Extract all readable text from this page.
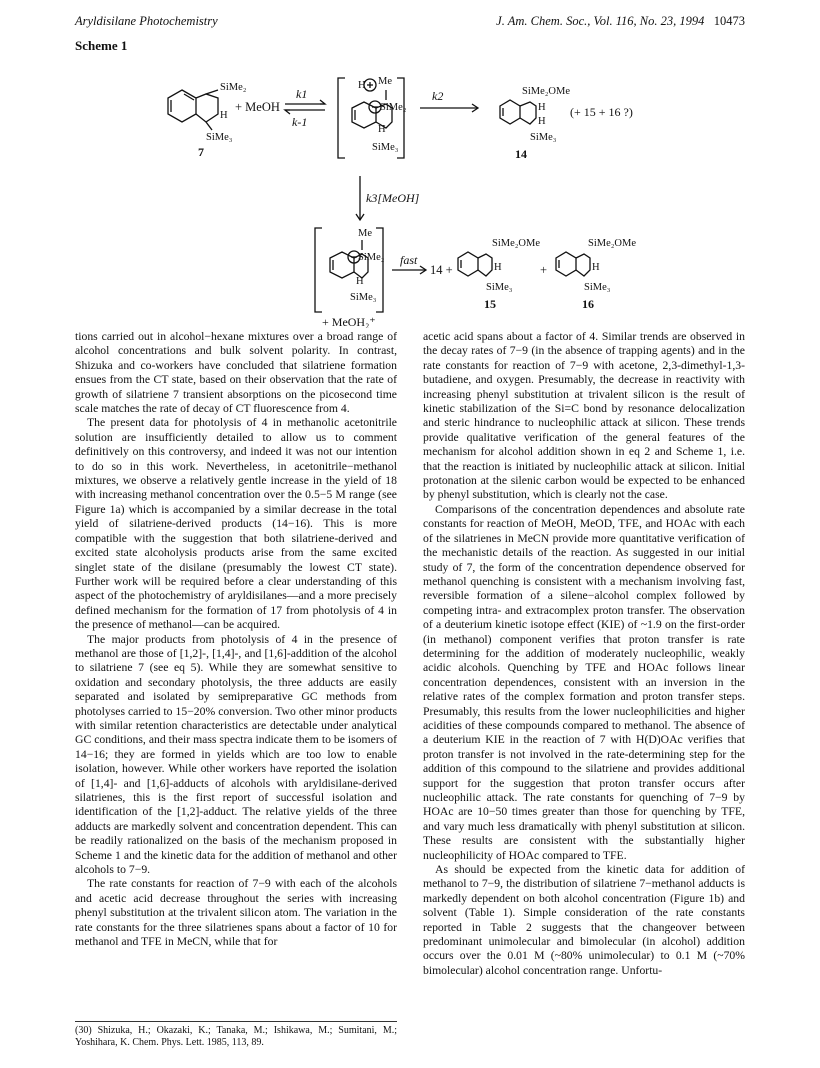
Aryldisilane Photochemistry	J. Am. Chem. Soc., Vol. 116, No. 23, 1994 10473
Scheme 1
SiMe₂
H
SiMe₃
7
+ MeOH
k1
k-1
H Me
SiMe₂
H
SiMe₃
k2	SiMe₂OMe
H
H
SiMe₃
14
(+ 15 + 16 ?)
k3[MeOH]
Me
SiMe₂
H
SiMe₃
fast
14 +
SiMe₂OMe
H
SiMe₃
15
+
SiMe₂OMe
H
SiMe₃
16
+ MeOH₂⁺

tions carried out in alcohol−hexane mixtures over a broad range of alcohol concentrations and bulk solvent polarity. In contrast, Shizuka and co-workers have concluded that silatriene formation ensues from the CT state, based on their observation that the rate of growth of silatriene 7 transient absorptions on the picosecond time scale matches the rate of decay of CT fluorescence from 4.

The present data for photolysis of 4 in methanolic acetonitrile solution are insufficiently detailed to allow us to comment definitively on this controversy, and indeed it was not our intention to do so in this work. Nevertheless, in acetonitrile−methanol mixtures, we observe a relatively gentle increase in the yield of 18 with increasing methanol concentration over the 0.5−5 M range (see Figure 1a) which is accompanied by a similar decrease in the total yield of silatriene-derived products (14−16). This is more compatible with the suggestion that both silatriene-derived and excited state alcoholysis products arise from the same excited singlet state of the disilane (presumably the lowest CT state). Further work will be required before a clear understanding of this aspect of the photochemistry of aryldisilanes—and a more precisely defined mechanism for the formation of 17 from photolysis of 4 in the presence of methanol—can be acquired.

The major products from photolysis of 4 in the presence of methanol are those of [1,2]-, [1,4]-, and [1,6]-addition of the alcohol to silatriene 7 (see eq 5). While they are somewhat sensitive to oxidation and secondary photolysis, the three adducts are easily separated and isolated by semipreparative GC methods from photolyses carried to 15−20% conversion. Two other minor products with similar retention characteristics are detectable under analytical GC conditions, and their mass spectra indicate them to be isomers of 14−16; they are formed in yields which are too low to enable isolation, however. While other workers have reported the isolation of [1,4]- and [1,6]-adducts of alcohols with aryldisilane-derived silatrienes, this is the first report of successful isolation and identification of the [1,2]-adduct. The relative yields of the three adducts are markedly solvent and concentration dependent. This can be readily rationalized on the basis of the mechanism proposed in Scheme 1 and the kinetic data for the addition of methanol and other alcohols to 7−9.

The rate constants for reaction of 7−9 with each of the alcohols and acetic acid decrease throughout the series with increasing phenyl substitution at the trivalent silicon atom. The variation in the rate constants for the three silatrienes spans about a factor of 10 for methanol and TFE in MeCN, while that for

acetic acid spans about a factor of 4. Similar trends are observed in the decay rates of 7−9 (in the absence of trapping agents) and in the rate constants for reaction of 7−9 with acetone, 2,3-dimethyl-1,3-butadiene, and oxygen. Presumably, the decrease in reactivity with increasing phenyl substitution at trivalent silicon is the result of kinetic stabilization of the Si=C bond by resonance delocalization and steric hindrance to nucleophilic attack at silicon. These trends provide qualitative verification of the general features of the mechanism for alcohol addition shown in eq 2 and Scheme 1, i.e. that the reaction is initiated by nucleophilic attack at silicon. Initial protonation at the silenic carbon would be expected to be enhanced by phenyl substitution, which is clearly not the case.

Comparisons of the concentration dependences and absolute rate constants for reaction of MeOH, MeOD, TFE, and HOAc with each of the silatrienes in MeCN provide more quantitative verification of the mechanistic details of the reaction. As suggested in our initial study of 7, the form of the concentration dependence observed for methanol quenching is consistent with a mechanism involving fast, reversible formation of a silene−alcohol complex followed by competing intra- and extracomplex proton transfer. The observation of a deuterium kinetic isotope effect (KIE) of ~1.9 on the first-order (in methanol) component verifies that proton transfer is rate determining for the addition of moderately nucleophilic, weakly acidic alcohols. Quenching by TFE and HOAc follows linear concentration dependences, consistent with an inversion in the relative rates of the complex formation and proton transfer steps. Presumably, this results from the lower nucleophilicities and higher acidities of these compounds compared to methanol. The absence of a deuterium KIE in the reaction of 7 with H(D)OAc verifies that proton transfer is not involved in the rate-determining step for the addition of this compound to the silatriene and provides additional support for the suggestion that proton transfer occurs after nucleophilic attack. The rate constants for quenching of 7−9 by HOAc are 10−50 times greater than those for quenching by TFE, and vary much less dramatically with phenyl substitution at silicon. These results are consistent with the substantially higher nucleophilicity of HOAc compared to TFE.

As should be expected from the kinetic data for addition of methanol to 7−9, the distribution of silatriene 7−methanol adducts is markedly dependent on both alcohol concentration (Figure 1b) and solvent (Table 1). Simple consideration of the rate constants reported in Table 2 suggests that the changeover between predominant unimolecular and bimolecular (in alcohol) addition occurs over the 0.01 M (~80% unimolecular) to 0.1 M (~70% bimolecular) alcohol concentration range. Unfortu-

(30) Shizuka, H.; Okazaki, K.; Tanaka, M.; Ishikawa, M.; Sumitani, M.; Yoshihara, K. Chem. Phys. Lett. 1985, 113, 89.
